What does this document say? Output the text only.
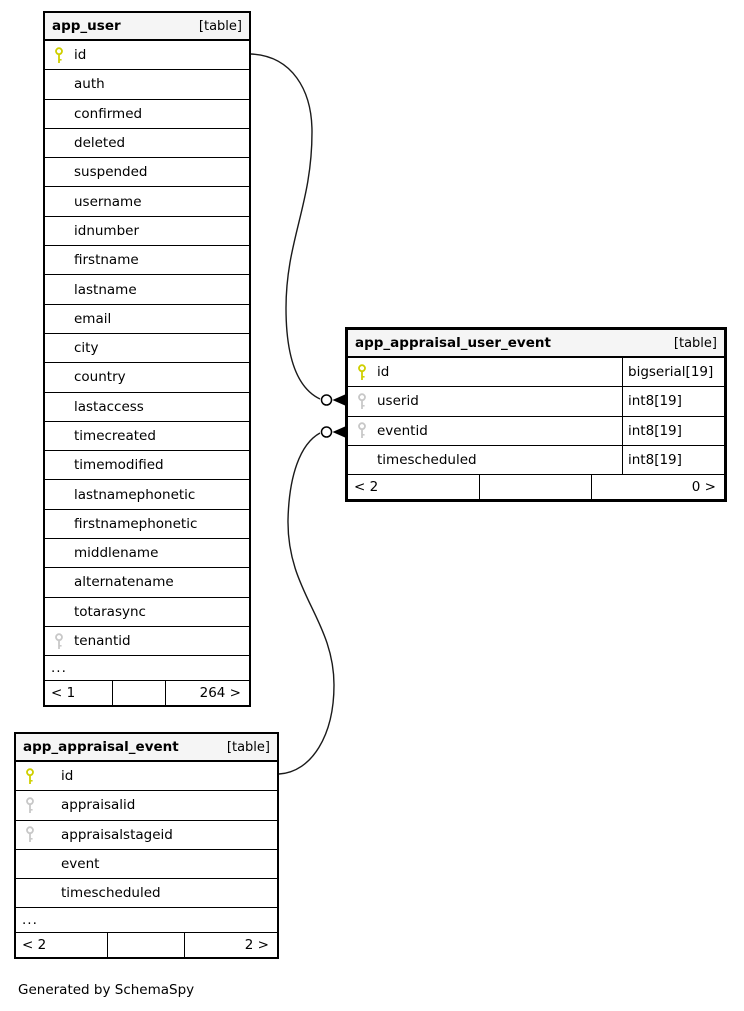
app_user	[table]
id
auth
confirmed
deleted
suspended
username
idnumber
firstname
lastname
email
city
country
lastaccess
timecreated
timemodified
lastnamephonetic
firstnamephonetic
middlename
alternatename
totarasync
tenantid
...
< 1	264 >
app_appraisal_user_event	[table]
id	bigserial[19]
userid	int8[19]
eventid	int8[19]
timescheduled	int8[19]
< 2	0 >
app_appraisal_event	[table]
id
appraisalid
appraisalstageid
event
timescheduled
...
< 2	2 >
Generated by SchemaSpy
